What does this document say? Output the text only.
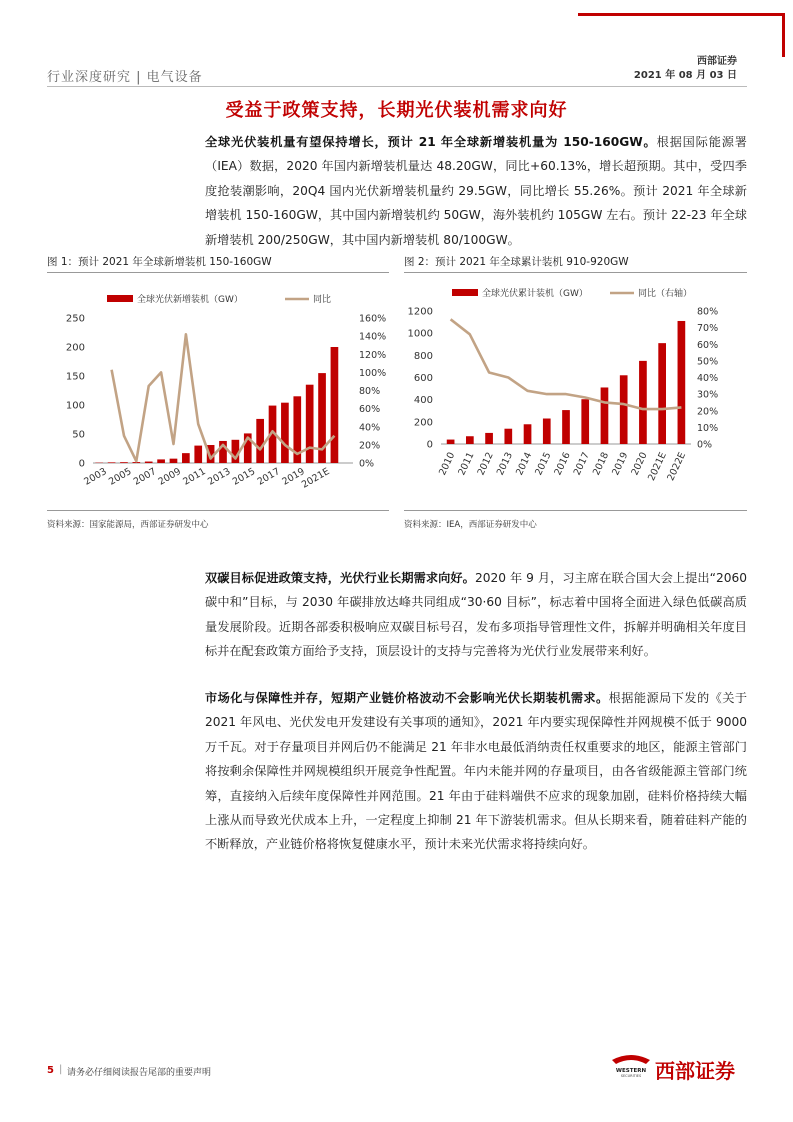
行业深度研究 | 电气设备
西部证券
2021 年 08 月 03 日
受益于政策支持，长期光伏装机需求向好
全球光伏装机量有望保持增长，预计 21 年全球新增装机量为 150-160GW。根据国际能源署（IEA）数据，2020 年国内新增装机量达 48.20GW，同比+60.13%，增长超预期。其中，受四季度抢装潮影响，20Q4 国内光伏新增装机量约 29.5GW，同比增长 55.26%。预计 2021 年全球新增装机 150-160GW，其中国内新增装机约 50GW，海外装机约 105GW 左右。预计 22-23 年全球新增装机 200/250GW，其中国内新增装机 80/100GW。
图 1：预计 2021 年全球新增装机 150-160GW	图 2：预计 2021 年全球累计装机 910-920GW
全球光伏新增装机（GW）	同比
0
50
100
150
200
250
0%
20%
40%
60%
80%
100%
120%
140%
160%
2003
2005
2007
2009
2011
2013
2015
2017
2019
2021E
全球光伏累计装机（GW）	同比（右轴）
0
200
400
600
800
1000
1200
0%
10%
20%
30%
40%
50%
60%
70%
80%
2010 2011 2012 2013 2014 2015 2016 2017 2018 2019 2020
2021E
2022E
资料来源：国家能源局，西部证券研发中心	资料来源：IEA，西部证券研发中心
双碳目标促进政策支持，光伏行业长期需求向好。2020 年 9 月，习主席在联合国大会上提出“2060 碳中和”目标，与 2030 年碳排放达峰共同组成“30·60 目标”，标志着中国将全面进入绿色低碳高质量发展阶段。近期各部委积极响应双碳目标号召，发布多项指导管理性文件，拆解并明确相关年度目标并在配套政策方面给予支持，顶层设计的支持与完善将为光伏行业发展带来利好。
市场化与保障性并存，短期产业链价格波动不会影响光伏长期装机需求。根据能源局下发的《关于 2021 年风电、光伏发电开发建设有关事项的通知》，2021 年内要实现保障性并网规模不低于 9000 万千瓦。对于存量项目并网后仍不能满足 21 年非水电最低消纳责任权重要求的地区，能源主管部门将按剩余保障性并网规模组织开展竞争性配置。年内未能并网的存量项目，由各省级能源主管部门统筹，直接纳入后续年度保障性并网范围。21 年由于硅料端供不应求的现象加剧，硅料价格持续大幅上涨从而导致光伏成本上升，一定程度上抑制 21 年下游装机需求。但从长期来看，随着硅料产能的不断释放，产业链价格将恢复健康水平，预计未来光伏需求将持续向好。
5 | 请务必仔细阅读报告尾部的重要声明	WESTERN
SECURITIES 西部证券
